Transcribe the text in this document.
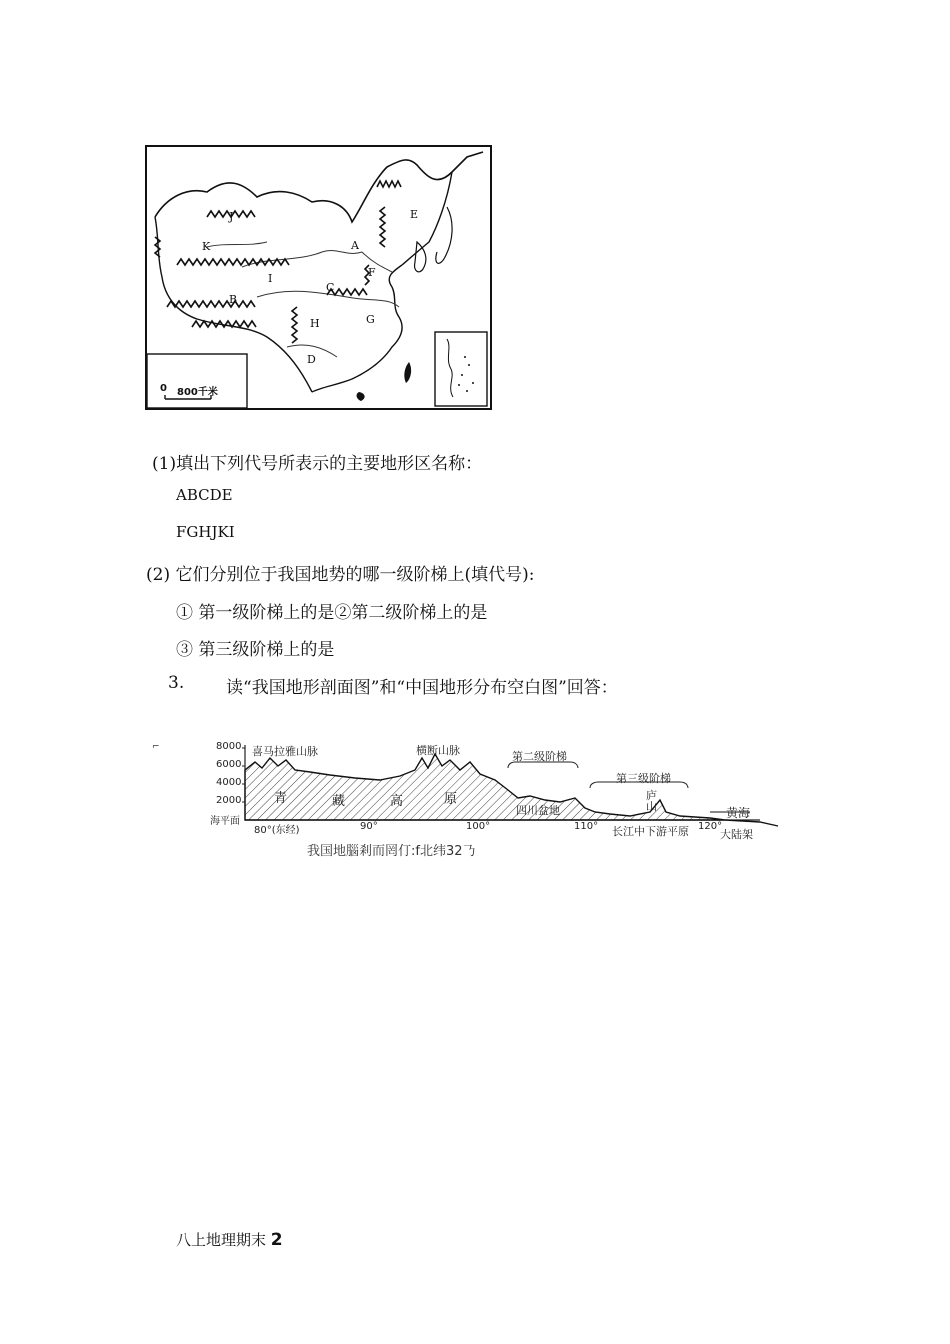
A
B
C
D
E
F
G
H
I
J
K
0 800千米
(1)填出下列代号所表示的主要地形区名称：
ABCDE
FGHJKI
(2) 它们分别位于我国地势的哪一级阶梯上(填代号):
① 第一级阶梯上的是②第二级阶梯上的是
③ 第三级阶梯上的是
3. 读“我国地形剖面图”和“中国地形分布空白图”回答：
⌐	8000
6000
4000
2000
海平面
80°(东经)	90°	100°	110°	120°
喜马拉雅山脉	横断山脉	第二级阶梯
第三级阶梯
青	藏	高	原
四川盆地
庐山
长江中下游平原	大陆架
黄海
我国地腦剎而罔仃:f北纬32𠄎
八上地理期末 2
